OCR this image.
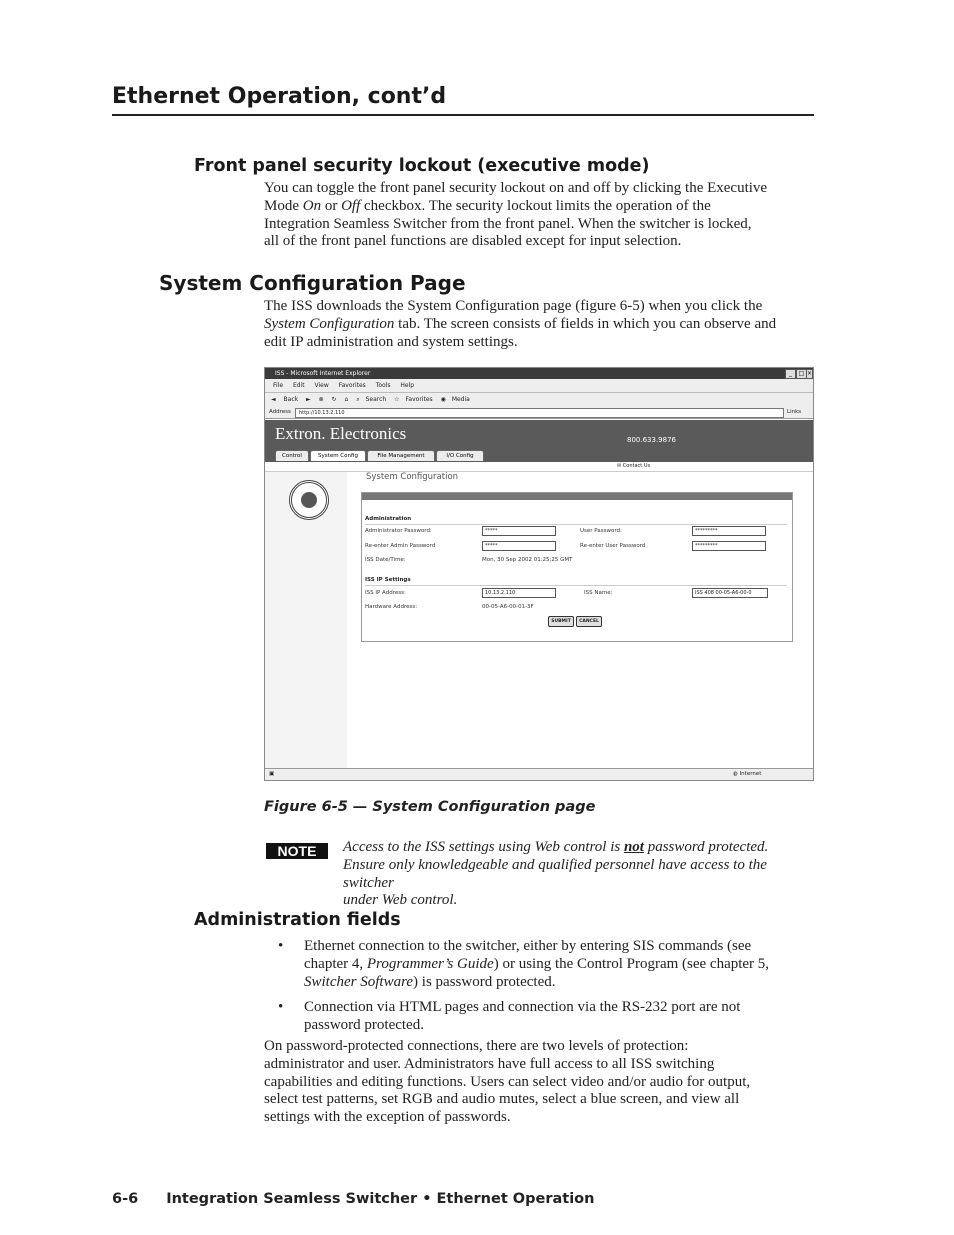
Ethernet Operation, cont’d
Front panel security lockout (executive mode)
You can toggle the front panel security lockout on and off by clicking the Executive
Mode On or Off checkbox. The security lockout limits the operation of the
Integration Seamless Switcher from the front panel. When the switcher is locked,
all of the front panel functions are disabled except for input selection.
System Configuration Page
The ISS downloads the System Configuration page (figure 6-5) when you click the
System Configuration tab. The screen consists of fields in which you can observe and
edit IP administration and system settings.
ISS - Microsoft Internet Explorer	_	□ ×
File Edit View Favorites Tools Help
◄ Back ► ⊗ ↻ ⌂ ⌕ Search ☆ Favorites ◉ Media
Address	http://10.13.2.110	Links
Extron. Electronics	800.633.9876
Control	System Config	File Management	I/O Config
✉ Contact Us
System Configuration
Administration
Administrator Password:	*****	User Password:	*********
Re-enter Admin Password	*****	Re-enter User Password	*********
ISS Date/Time:	Mon, 30 Sep 2002 01:25:25 GMT
ISS IP Settings
ISS IP Address:	10.13.2.110	ISS Name:	ISS 408 00-05-A6-00-0
Hardware Address:	00-05-A6-00-01-3F
SUBMIT	CANCEL
▣	◍ Internet
Figure 6-5 — System Configuration page
NOTE	Access to the ISS settings using Web control is not password protected.
Ensure only knowledgeable and qualified personnel have access to the switcher
under Web control.
Administration fields
• Ethernet connection to the switcher, either by entering SIS commands (see
chapter 4, Programmer’s Guide) or using the Control Program (see chapter 5,
Switcher Software) is password protected.
• Connection via HTML pages and connection via the RS-232 port are not
password protected.
On password-protected connections, there are two levels of protection:
administrator and user. Administrators have full access to all ISS switching
capabilities and editing functions. Users can select video and/or audio for output,
select test patterns, set RGB and audio mutes, select a blue screen, and view all
settings with the exception of passwords.
6-6 Integration Seamless Switcher • Ethernet Operation
